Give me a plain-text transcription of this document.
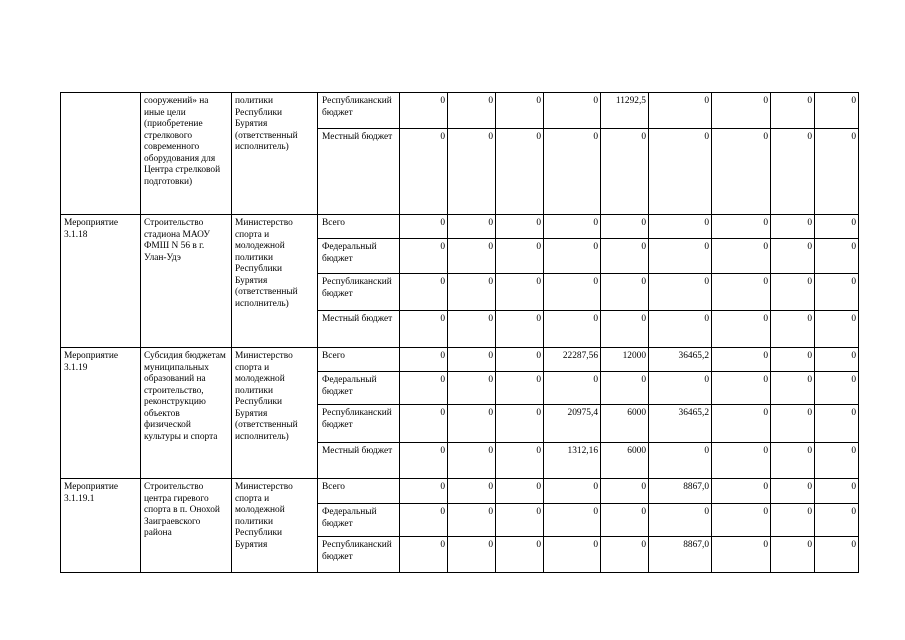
	сооружений» на иные цели (приобретение стрелкового современного оборудования для Центра стрелковой подготовки)	политики Республики Бурятия (ответственный исполнитель)	Республиканский бюджет	0	0	0	0	11292,5	0	0	0	0
			Местный бюджет	0	0	0	0	0	0	0	0	0
Мероприятие 3.1.18	Строительство стадиона МАОУ ФМШ N 56 в г. Улан-Удэ	Министерство спорта и молодежной политики Республики Бурятия (ответственный исполнитель)	Всего	0	0	0	0	0	0	0	0	0
			Федеральный бюджет	0	0	0	0	0	0	0	0	0
			Республиканский бюджет	0	0	0	0	0	0	0	0	0
			Местный бюджет	0	0	0	0	0	0	0	0	0
Мероприятие 3.1.19	Субсидия бюджетам муниципальных образований на строительство, реконструкцию объектов физической культуры и спорта	Министерство спорта и молодежной политики Республики Бурятия (ответственный исполнитель)	Всего	0	0	0	22287,56	12000	36465,2	0	0	0
			Федеральный бюджет	0	0	0	0	0	0	0	0	0
			Республиканский бюджет	0	0	0	20975,4	6000	36465,2	0	0	0
			Местный бюджет	0	0	0	1312,16	6000	0	0	0	0
Мероприятие 3.1.19.1	Строительство центра гиревого спорта в п. Онохой Заиграевского района	Министерство спорта и молодежной политики Республики Бурятия	Всего	0	0	0	0	0	8867,0	0	0	0
			Федеральный бюджет	0	0	0	0	0	0	0	0	0
			Республиканский бюджет	0	0	0	0	0	8867,0	0	0	0
